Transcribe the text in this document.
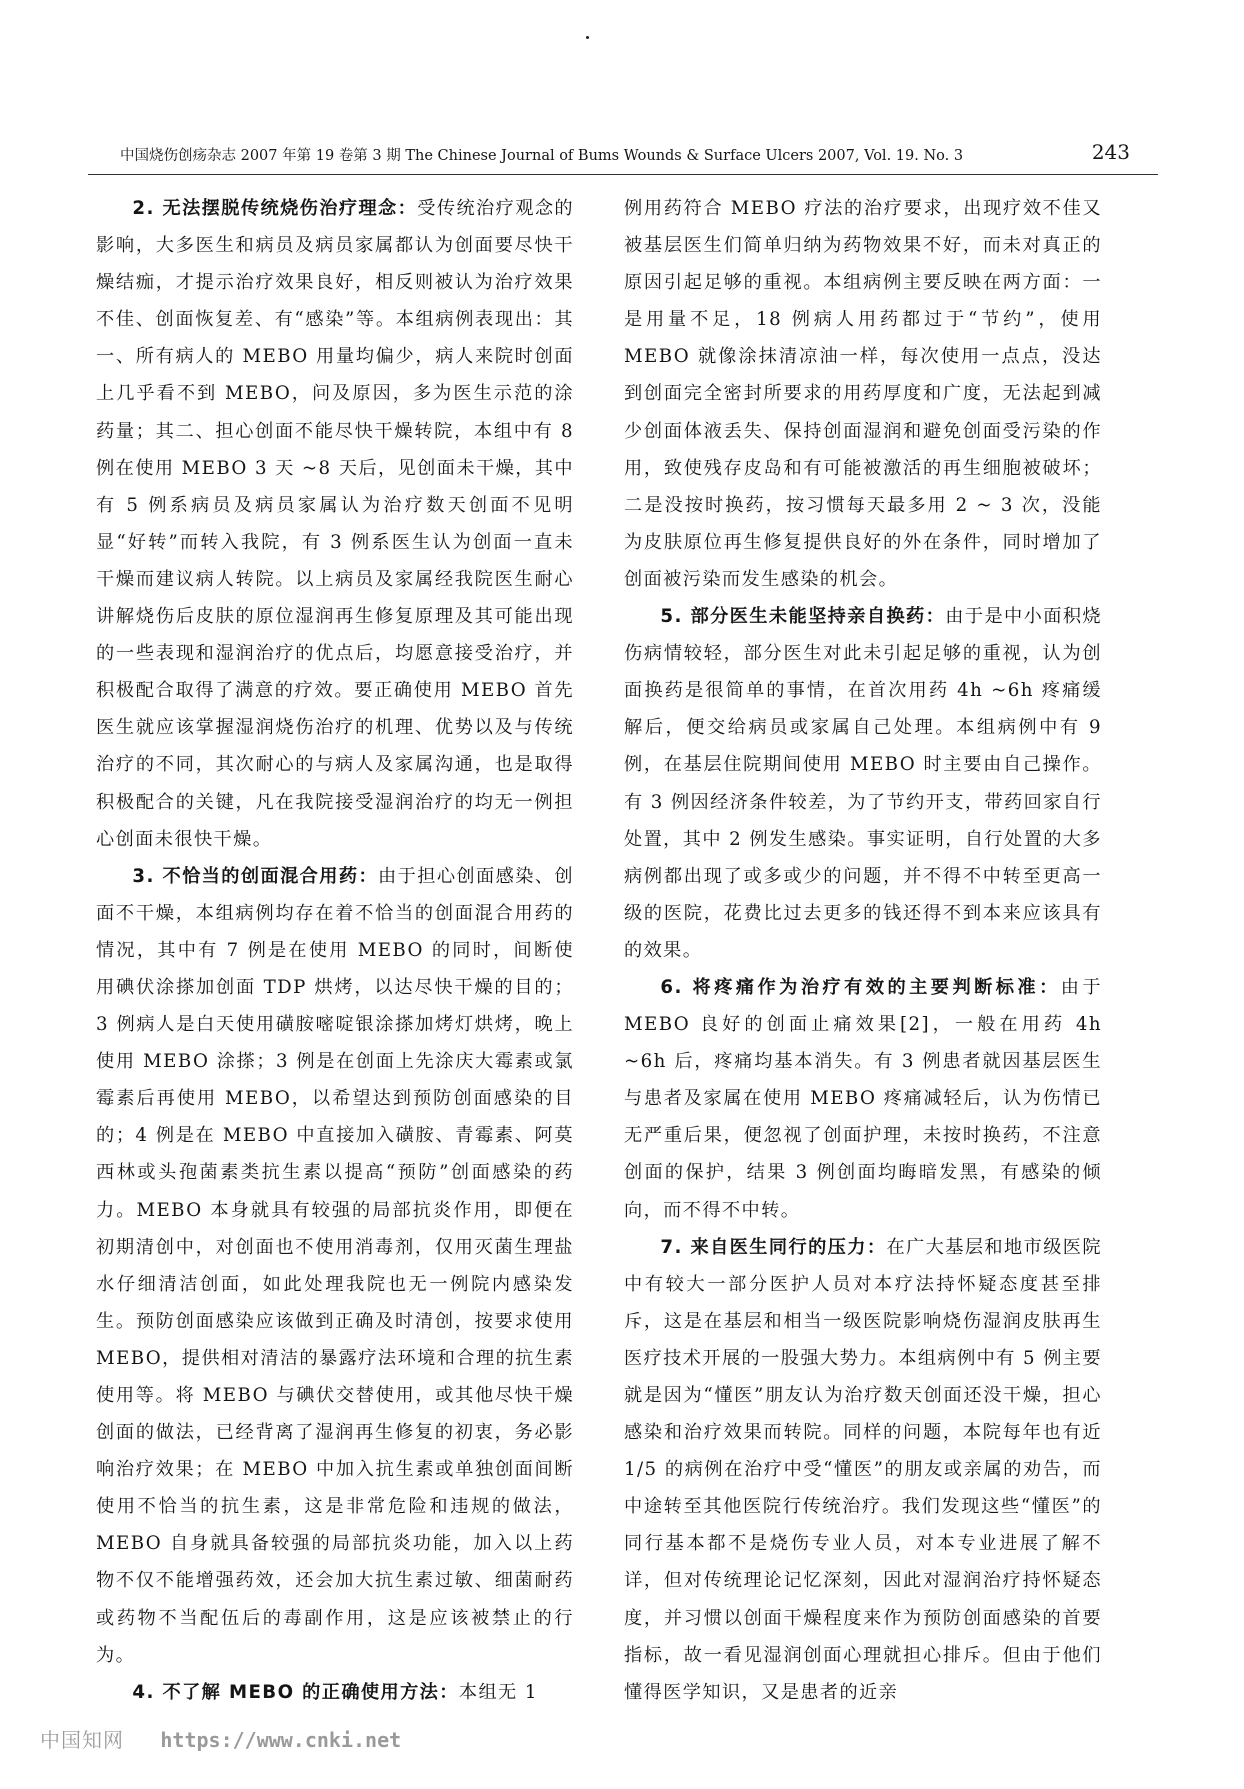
中国烧伤创疡杂志 2007 年第 19 卷第 3 期 The Chinese Journal of Bums Wounds & Surface Ulcers 2007, Vol. 19. No. 3	243

2. 无法摆脱传统烧伤治疗理念：受传统治疗观念的影响，大多医生和病员及病员家属都认为创面要尽快干燥结痂，才提示治疗效果良好，相反则被认为治疗效果不佳、创面恢复差、有“感染”等。本组病例表现出：其一、所有病人的 MEBO 用量均偏少，病人来院时创面上几乎看不到 MEBO，问及原因，多为医生示范的涂药量；其二、担心创面不能尽快干燥转院，本组中有 8 例在使用 MEBO 3 天 ~8 天后，见创面未干燥，其中有 5 例系病员及病员家属认为治疗数天创面不见明显“好转”而转入我院，有 3 例系医生认为创面一直未干燥而建议病人转院。以上病员及家属经我院医生耐心讲解烧伤后皮肤的原位湿润再生修复原理及其可能出现的一些表现和湿润治疗的优点后，均愿意接受治疗，并积极配合取得了满意的疗效。要正确使用 MEBO 首先医生就应该掌握湿润烧伤治疗的机理、优势以及与传统治疗的不同，其次耐心的与病人及家属沟通，也是取得积极配合的关键，凡在我院接受湿润治疗的均无一例担心创面未很快干燥。

3. 不恰当的创面混合用药：由于担心创面感染、创面不干燥，本组病例均存在着不恰当的创面混合用药的情况，其中有 7 例是在使用 MEBO 的同时，间断使用碘伏涂搽加创面 TDP 烘烤，以达尽快干燥的目的；3 例病人是白天使用磺胺嘧啶银涂搽加烤灯烘烤，晚上使用 MEBO 涂搽；3 例是在创面上先涂庆大霉素或氯霉素后再使用 MEBO，以希望达到预防创面感染的目的；4 例是在 MEBO 中直接加入磺胺、青霉素、阿莫西林或头孢菌素类抗生素以提高“预防”创面感染的药力。MEBO 本身就具有较强的局部抗炎作用，即便在初期清创中，对创面也不使用消毒剂，仅用灭菌生理盐水仔细清洁创面，如此处理我院也无一例院内感染发生。预防创面感染应该做到正确及时清创，按要求使用 MEBO，提供相对清洁的暴露疗法环境和合理的抗生素使用等。将 MEBO 与碘伏交替使用，或其他尽快干燥创面的做法，已经背离了湿润再生修复的初衷，务必影响治疗效果；在 MEBO 中加入抗生素或单独创面间断使用不恰当的抗生素，这是非常危险和违规的做法，MEBO 自身就具备较强的局部抗炎功能，加入以上药物不仅不能增强药效，还会加大抗生素过敏、细菌耐药或药物不当配伍后的毒副作用，这是应该被禁止的行为。

4. 不了解 MEBO 的正确使用方法：本组无 1

例用药符合 MEBO 疗法的治疗要求，出现疗效不佳又被基层医生们简单归纳为药物效果不好，而未对真正的原因引起足够的重视。本组病例主要反映在两方面：一是用量不足，18 例病人用药都过于“节约”，使用 MEBO 就像涂抹清凉油一样，每次使用一点点，没达到创面完全密封所要求的用药厚度和广度，无法起到减少创面体液丢失、保持创面湿润和避免创面受污染的作用，致使残存皮岛和有可能被激活的再生细胞被破坏；二是没按时换药，按习惯每天最多用 2 ~ 3 次，没能为皮肤原位再生修复提供良好的外在条件，同时增加了创面被污染而发生感染的机会。

5. 部分医生未能坚持亲自换药：由于是中小面积烧伤病情较轻，部分医生对此未引起足够的重视，认为创面换药是很简单的事情，在首次用药 4h ~6h 疼痛缓解后，便交给病员或家属自己处理。本组病例中有 9 例，在基层住院期间使用 MEBO 时主要由自己操作。有 3 例因经济条件较差，为了节约开支，带药回家自行处置，其中 2 例发生感染。事实证明，自行处置的大多病例都出现了或多或少的问题，并不得不中转至更高一级的医院，花费比过去更多的钱还得不到本来应该具有的效果。

6. 将疼痛作为治疗有效的主要判断标准：由于 MEBO 良好的创面止痛效果[2]，一般在用药 4h ~6h 后，疼痛均基本消失。有 3 例患者就因基层医生与患者及家属在使用 MEBO 疼痛减轻后，认为伤情已无严重后果，便忽视了创面护理，未按时换药，不注意创面的保护，结果 3 例创面均晦暗发黑，有感染的倾向，而不得不中转。

7. 来自医生同行的压力：在广大基层和地市级医院中有较大一部分医护人员对本疗法持怀疑态度甚至排斥，这是在基层和相当一级医院影响烧伤湿润皮肤再生医疗技术开展的一股强大势力。本组病例中有 5 例主要就是因为“懂医”朋友认为治疗数天创面还没干燥，担心感染和治疗效果而转院。同样的问题，本院每年也有近 1/5 的病例在治疗中受“懂医”的朋友或亲属的劝告，而中途转至其他医院行传统治疗。我们发现这些“懂医”的同行基本都不是烧伤专业人员，对本专业进展了解不详，但对传统理论记忆深刻，因此对湿润治疗持怀疑态度，并习惯以创面干燥程度来作为预防创面感染的首要指标，故一看见湿润创面心理就担心排斥。但由于他们懂得医学知识，又是患者的近亲

中国知网 https://www.cnki.net
